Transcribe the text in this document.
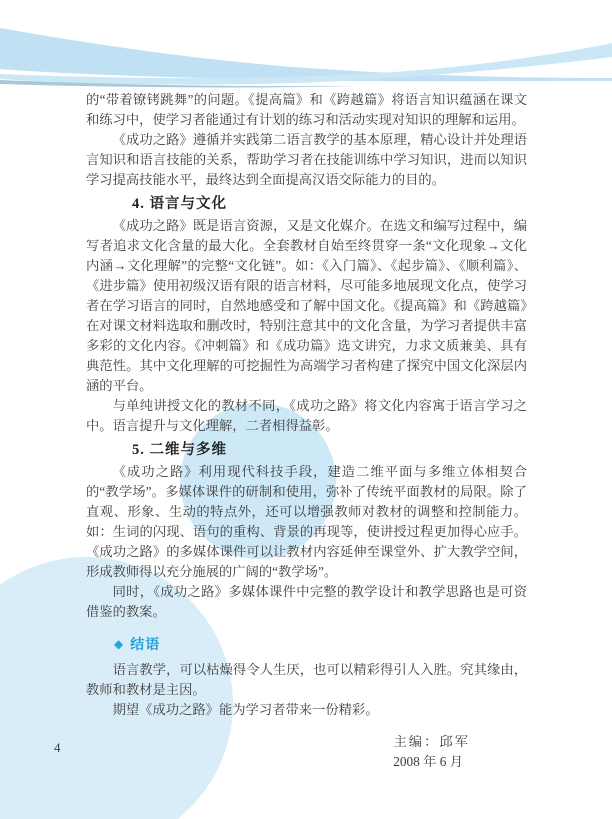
的“带着镣铐跳舞”的问题。《提高篇》和《跨越篇》将语言知识蕴涵在课文和练习中，使学习者能通过有计划的练习和活动实现对知识的理解和运用。

《成功之路》遵循并实践第二语言教学的基本原理，精心设计并处理语言知识和语言技能的关系，帮助学习者在技能训练中学习知识，进而以知识学习提高技能水平，最终达到全面提高汉语交际能力的目的。

4. 语言与文化

《成功之路》既是语言资源，又是文化媒介。在选文和编写过程中，编写者追求文化含量的最大化。全套教材自始至终贯穿一条“文化现象→文化内涵→文化理解”的完整“文化链”。如：《入门篇》、《起步篇》、《顺利篇》、《进步篇》使用初级汉语有限的语言材料，尽可能多地展现文化点，使学习者在学习语言的同时，自然地感受和了解中国文化。《提高篇》和《跨越篇》在对课文材料选取和删改时，特别注意其中的文化含量，为学习者提供丰富多彩的文化内容。《冲刺篇》和《成功篇》选文讲究，力求文质兼美、具有典范性。其中文化理解的可挖掘性为高端学习者构建了探究中国文化深层内涵的平台。

与单纯讲授文化的教材不同，《成功之路》将文化内容寓于语言学习之中。语言提升与文化理解，二者相得益彰。

5. 二维与多维

《成功之路》利用现代科技手段，建造二维平面与多维立体相契合的“教学场”。多媒体课件的研制和使用，弥补了传统平面教材的局限。除了直观、形象、生动的特点外，还可以增强教师对教材的调整和控制能力。如：生词的闪现、语句的重构、背景的再现等，使讲授过程更加得心应手。《成功之路》的多媒体课件可以让教材内容延伸至课堂外、扩大教学空间，形成教师得以充分施展的广阔的“教学场”。

同时，《成功之路》多媒体课件中完整的教学设计和教学思路也是可资借鉴的教案。

◆ 结语

语言教学，可以枯燥得令人生厌，也可以精彩得引人入胜。究其缘由，教师和教材是主因。

期望《成功之路》能为学习者带来一份精彩。

主编：邱军
2008 年 6 月
4
